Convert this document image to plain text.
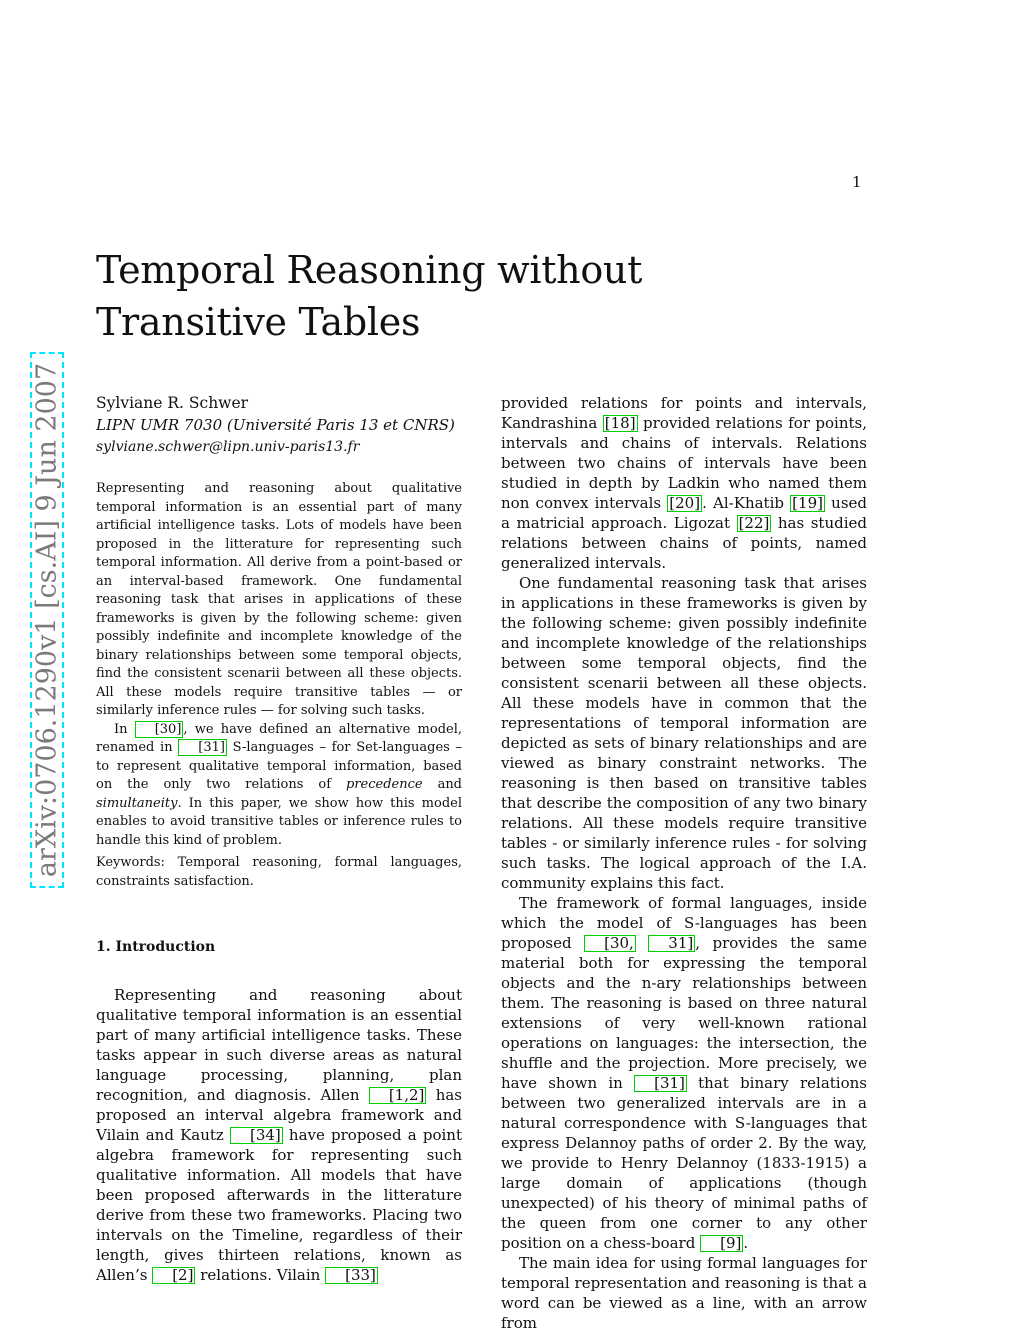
1
Temporal Reasoning without Transitive Tables
arXiv:0706.1290v1 [cs.AI] 9 Jun 2007 Sylviane R. Schwer

LIPN UMR 7030 (Université Paris 13 et CNRS)

sylviane.schwer@lipn.univ-paris13.fr

Representing and reasoning about qualitative temporal information is an essential part of many artificial intelligence tasks. Lots of models have been proposed in the litterature for representing such temporal information. All derive from a point-based or an interval-based framework. One fundamental reasoning task that arises in applications of these frameworks is given by the following scheme: given possibly indefinite and incomplete knowledge of the binary relationships between some temporal objects, find the consistent scenarii between all these objects. All these models require transitive tables — or similarly inference rules — for solving such tasks.

In [30] , we have defined an alternative model, renamed in [31] S-languages – for Set-languages – to represent qualitative temporal information, based on the only two relations of precedence and simultaneity. In this paper, we show how this model enables to avoid transitive tables or inference rules to handle this kind of problem.

Keywords: Temporal reasoning, formal languages, constraints satisfaction.

1. Introduction

Representing and reasoning about qualitative temporal information is an essential part of many artificial intelligence tasks. These tasks appear in such diverse areas as natural language processing, planning, plan recognition, and diagnosis. Allen [1,2] has proposed an interval algebra framework and Vilain and Kautz [34] have proposed a point algebra framework for representing such qualitative information. All models that have been proposed afterwards in the litterature derive from these two frameworks. Placing two intervals on the Timeline, regardless of their length, gives thirteen relations, known as Allen’s [2] relations. Vilain [33]

provided relations for points and intervals, Kandrashina [18] provided relations for points, intervals and chains of intervals. Relations between two chains of intervals have been studied in depth by Ladkin who named them non convex intervals [20] . Al-Khatib [19] used a matricial approach. Ligozat [22] has studied relations between chains of points, named generalized intervals.

One fundamental reasoning task that arises in applications in these frameworks is given by the following scheme: given possibly indefinite and incomplete knowledge of the relationships between some temporal objects, find the consistent scenarii between all these objects. All these models have in common that the representations of temporal information are depicted as sets of binary relationships and are viewed as binary constraint networks. The reasoning is then based on transitive tables that describe the composition of any two binary relations. All these models require transitive tables - or similarly inference rules - for solving such tasks. The logical approach of the I.A. community explains this fact.

The framework of formal languages, inside which the model of S-languages has been proposed [30, 31] , provides the same material both for expressing the temporal objects and the n-ary relationships between them. The reasoning is based on three natural extensions of very well-known rational operations on languages: the intersection, the shuffle and the projection. More precisely, we have shown in [31] that binary relations between two generalized intervals are in a natural correspondence with S-languages that express Delannoy paths of order 2. By the way, we provide to Henry Delannoy (1833-1915) a large domain of applications (though unexpected) of his theory of minimal paths of the queen from one corner to any other position on a chess-board [9] .

The main idea for using formal languages for temporal representation and reasoning is that a word can be viewed as a line, with an arrow from
